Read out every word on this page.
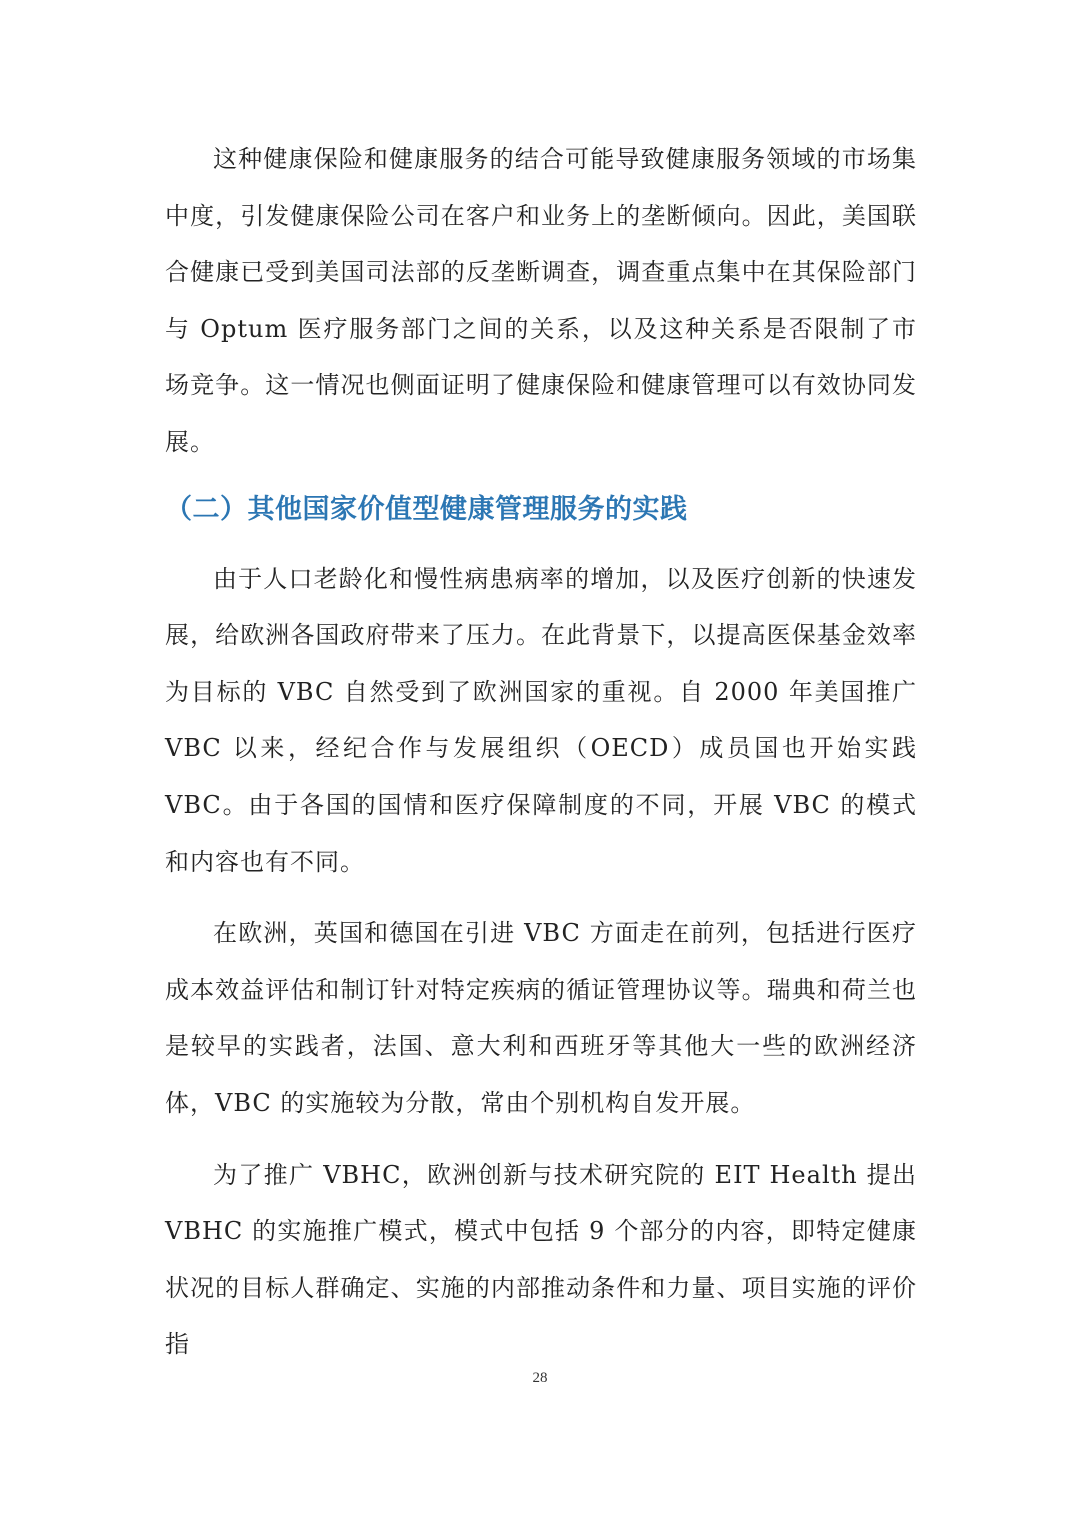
这种健康保险和健康服务的结合可能导致健康服务领域的市场集中度，引发健康保险公司在客户和业务上的垄断倾向。因此，美国联合健康已受到美国司法部的反垄断调查，调查重点集中在其保险部门与 Optum 医疗服务部门之间的关系，以及这种关系是否限制了市场竞争。这一情况也侧面证明了健康保险和健康管理可以有效协同发展。

（二）其他国家价值型健康管理服务的实践

由于人口老龄化和慢性病患病率的增加，以及医疗创新的快速发展，给欧洲各国政府带来了压力。在此背景下，以提高医保基金效率为目标的 VBC 自然受到了欧洲国家的重视。自 2000 年美国推广 VBC 以来，经纪合作与发展组织（OECD）成员国也开始实践 VBC。由于各国的国情和医疗保障制度的不同，开展 VBC 的模式和内容也有不同。

在欧洲，英国和德国在引进 VBC 方面走在前列，包括进行医疗成本效益评估和制订针对特定疾病的循证管理协议等。瑞典和荷兰也是较早的实践者，法国、意大利和西班牙等其他大一些的欧洲经济体，VBC 的实施较为分散，常由个别机构自发开展。

为了推广 VBHC，欧洲创新与技术研究院的 EIT Health 提出 VBHC 的实施推广模式，模式中包括 9 个部分的内容，即特定健康状况的目标人群确定、实施的内部推动条件和力量、项目实施的评价指

28
